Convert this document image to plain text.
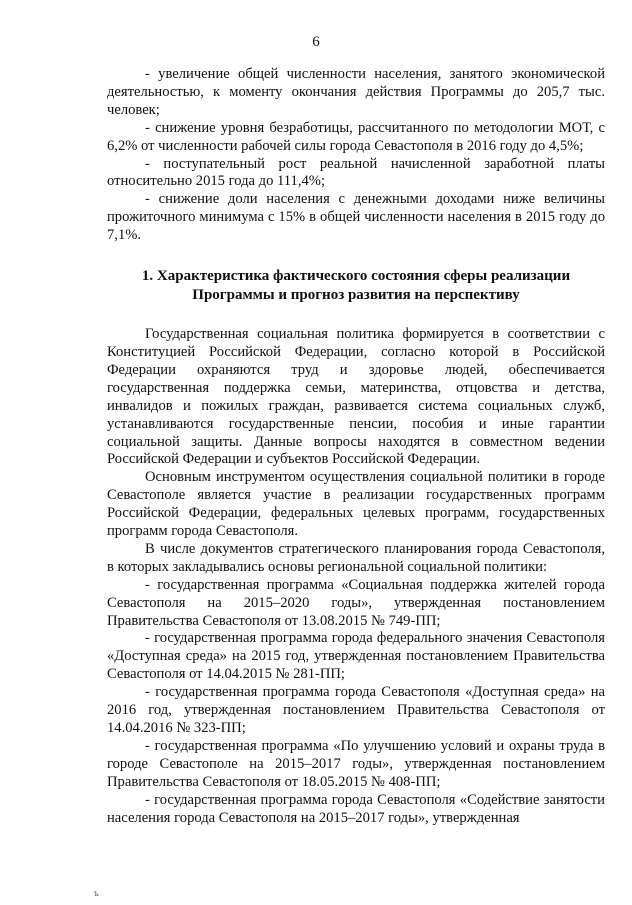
6

- увеличение общей численности населения, занятого экономической деятельностью, к моменту окончания действия Программы до 205,7 тыс. человек;

- снижение уровня безработицы, рассчитанного по методологии МОТ, с 6,2% от численности рабочей силы города Севастополя в 2016 году до 4,5%;

- поступательный рост реальной начисленной заработной платы относительно 2015 года до 111,4%;

- снижение доли населения с денежными доходами ниже величины прожиточного минимума с 15% в общей численности населения в 2015 году до 7,1%.

1. Характеристика фактического состояния сферы реализации
Программы и прогноз развития на перспективу

Государственная социальная политика формируется в соответствии с Конституцией Российской Федерации, согласно которой в Российской Федерации охраняются труд и здоровье людей, обеспечивается государственная поддержка семьи, материнства, отцовства и детства, инвалидов и пожилых граждан, развивается система социальных служб, устанавливаются государственные пенсии, пособия и иные гарантии социальной защиты. Данные вопросы находятся в совместном ведении Российской Федерации и субъектов Российской Федерации.

Основным инструментом осуществления социальной политики в городе Севастополе является участие в реализации государственных программ Российской Федерации, федеральных целевых программ, государственных программ города Севастополя.

В числе документов стратегического планирования города Севастополя, в которых закладывались основы региональной социальной политики:

- государственная программа «Социальная поддержка жителей города Севастополя на 2015–2020 годы», утвержденная постановлением Правительства Севастополя от 13.08.2015 № 749-ПП;

- государственная программа города федерального значения Севастополя «Доступная среда» на 2015 год, утвержденная постановлением Правительства Севастополя от 14.04.2015 № 281-ПП;

- государственная программа города Севастополя «Доступная среда» на 2016 год, утвержденная постановлением Правительства Севастополя от 14.04.2016 № 323-ПП;

- государственная программа «По улучшению условий и охраны труда в городе Севастополе на 2015–2017 годы», утвержденная постановлением Правительства Севастополя от 18.05.2015 № 408-ПП;

- государственная программа города Севастополя «Содействие занятости населения города Севастополя на 2015–2017 годы», утвержденная

ъ
